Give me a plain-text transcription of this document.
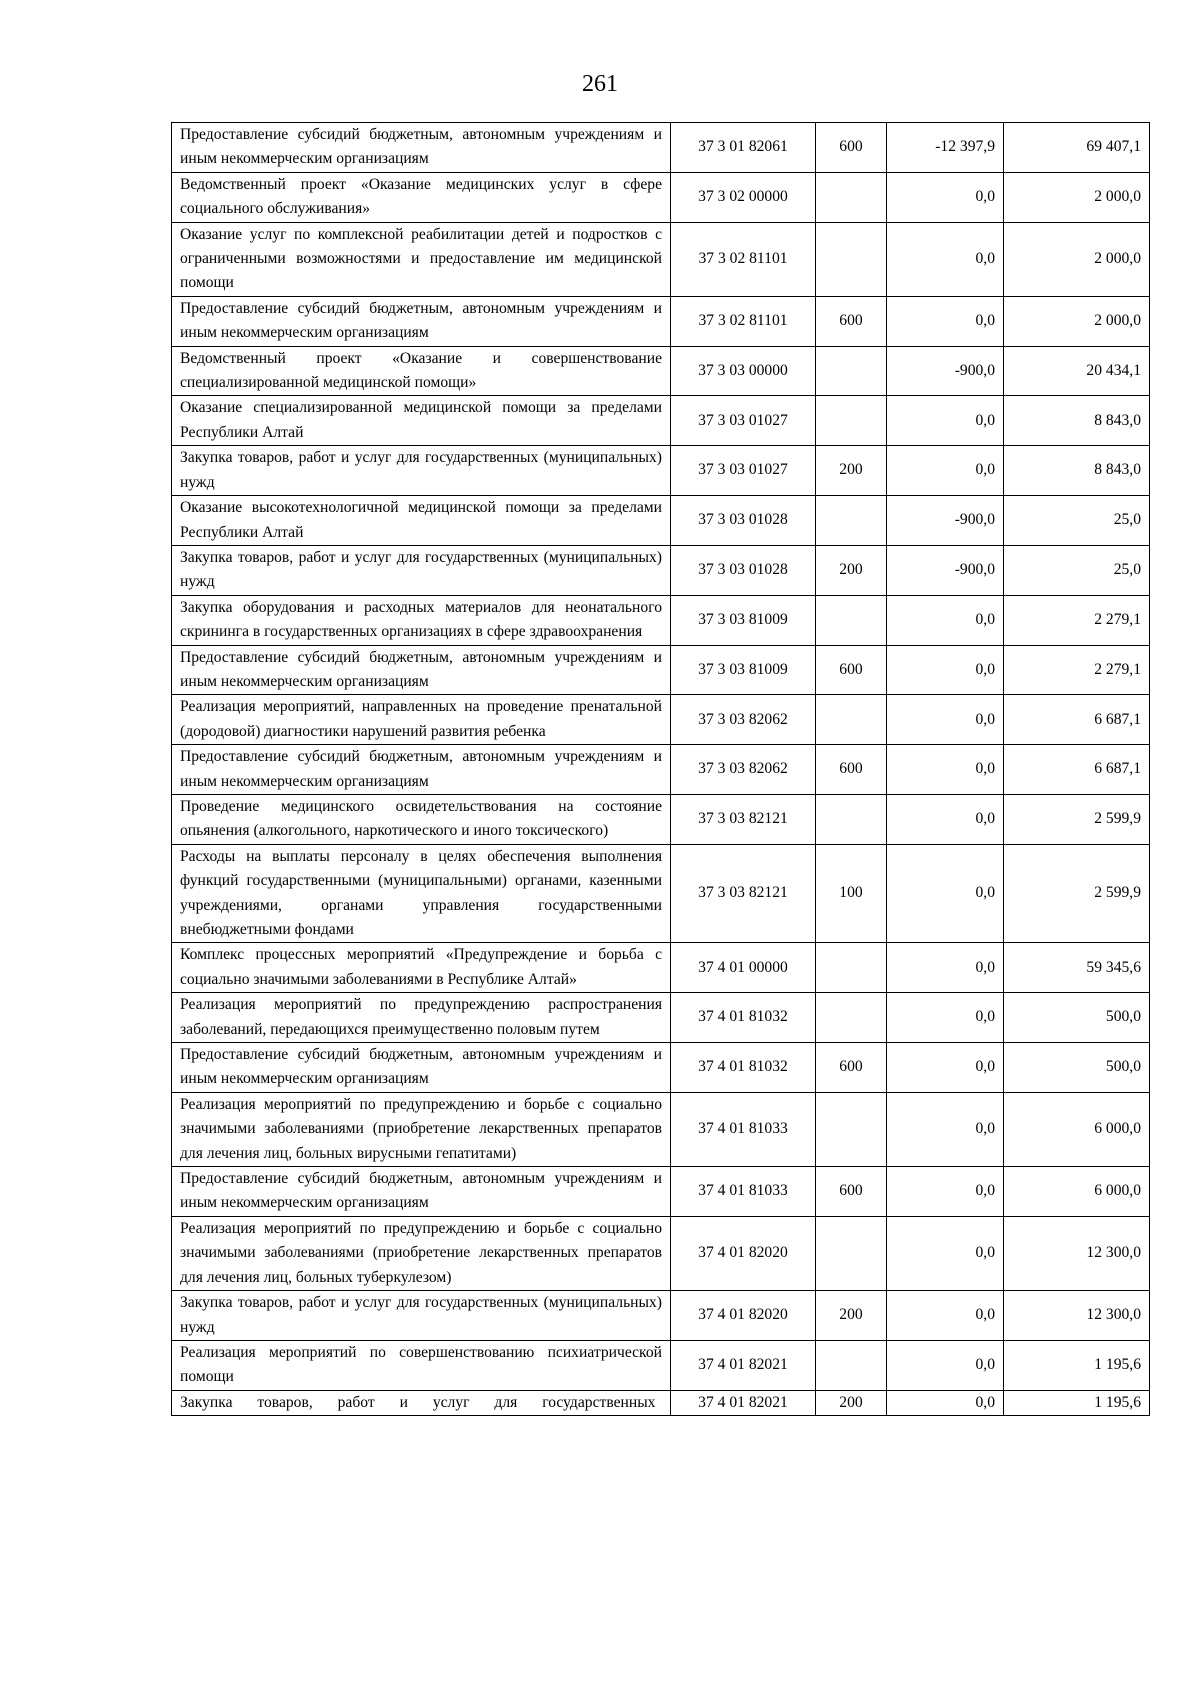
261
Предоставление субсидий бюджетным, автономным учреждениям и иным некоммерческим организациям	37 3 01 82061	600	-12 397,9	69 407,1
Ведомственный проект «Оказание медицинских услуг в сфере социального обслуживания»	37 3 02 00000		0,0	2 000,0
Оказание услуг по комплексной реабилитации детей и подростков с ограниченными возможностями и предоставление им медицинской помощи	37 3 02 81101		0,0	2 000,0
Предоставление субсидий бюджетным, автономным учреждениям и иным некоммерческим организациям	37 3 02 81101	600	0,0	2 000,0
Ведомственный проект «Оказание и совершенствование специализированной медицинской помощи»	37 3 03 00000		-900,0	20 434,1
Оказание специализированной медицинской помощи за пределами Республики Алтай	37 3 03 01027		0,0	8 843,0
Закупка товаров, работ и услуг для государственных (муниципальных) нужд	37 3 03 01027	200	0,0	8 843,0
Оказание высокотехнологичной медицинской помощи за пределами Республики Алтай	37 3 03 01028		-900,0	25,0
Закупка товаров, работ и услуг для государственных (муниципальных) нужд	37 3 03 01028	200	-900,0	25,0
Закупка оборудования и расходных материалов для неонатального скрининга в государственных организациях в сфере здравоохранения	37 3 03 81009		0,0	2 279,1
Предоставление субсидий бюджетным, автономным учреждениям и иным некоммерческим организациям	37 3 03 81009	600	0,0	2 279,1
Реализация мероприятий, направленных на проведение пренатальной (дородовой) диагностики нарушений развития ребенка	37 3 03 82062		0,0	6 687,1
Предоставление субсидий бюджетным, автономным учреждениям и иным некоммерческим организациям	37 3 03 82062	600	0,0	6 687,1
Проведение медицинского освидетельствования на состояние опьянения (алкогольного, наркотического и иного токсического)	37 3 03 82121		0,0	2 599,9
Расходы на выплаты персоналу в целях обеспечения выполнения функций государственными (муниципальными) органами, казенными учреждениями, органами управления государственными внебюджетными фондами	37 3 03 82121	100	0,0	2 599,9
Комплекс процессных мероприятий «Предупреждение и борьба с социально значимыми заболеваниями в Республике Алтай»	37 4 01 00000		0,0	59 345,6
Реализация мероприятий по предупреждению распространения заболеваний, передающихся преимущественно половым путем	37 4 01 81032		0,0	500,0
Предоставление субсидий бюджетным, автономным учреждениям и иным некоммерческим организациям	37 4 01 81032	600	0,0	500,0
Реализация мероприятий по предупреждению и борьбе с социально значимыми заболеваниями (приобретение лекарственных препаратов для лечения лиц, больных вирусными гепатитами)	37 4 01 81033		0,0	6 000,0
Предоставление субсидий бюджетным, автономным учреждениям и иным некоммерческим организациям	37 4 01 81033	600	0,0	6 000,0
Реализация мероприятий по предупреждению и борьбе с социально значимыми заболеваниями (приобретение лекарственных препаратов для лечения лиц, больных туберкулезом)	37 4 01 82020		0,0	12 300,0
Закупка товаров, работ и услуг для государственных (муниципальных) нужд	37 4 01 82020	200	0,0	12 300,0
Реализация мероприятий по совершенствованию психиатрической помощи	37 4 01 82021		0,0	1 195,6
Закупка товаров, работ и услуг для государственных	37 4 01 82021	200	0,0	1 195,6
